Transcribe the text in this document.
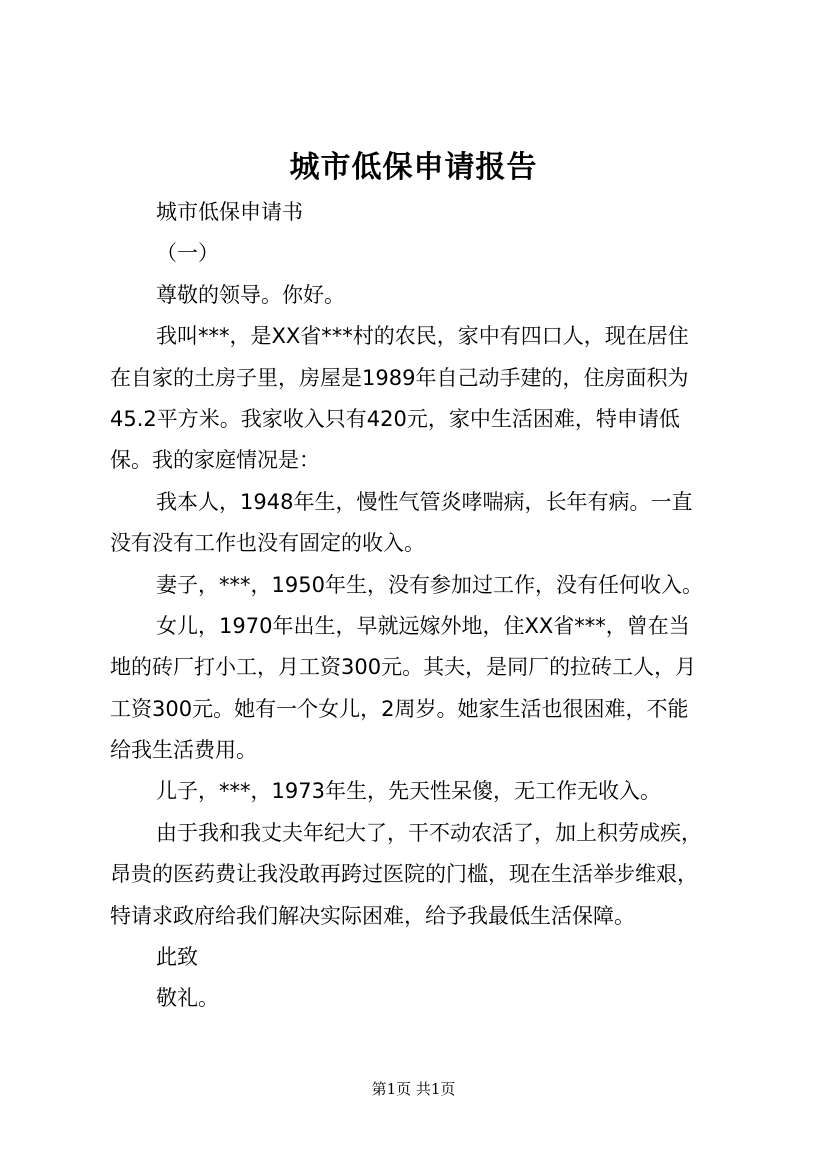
城市低保申请报告
城市低保申请书
（一）
尊敬的领导。你好。
我叫***，是XX省***村的农民，家中有四口人，现在居住
在自家的土房子里，房屋是1989年自己动手建的，住房面积为
45.2平方米。我家收入只有420元，家中生活困难，特申请低
保。我的家庭情况是：
我本人，1948年生，慢性气管炎哮喘病，长年有病。一直
没有没有工作也没有固定的收入。
妻子，***，1950年生，没有参加过工作，没有任何收入。
女儿，1970年出生，早就远嫁外地，住XX省***，曾在当
地的砖厂打小工，月工资300元。其夫，是同厂的拉砖工人，月
工资300元。她有一个女儿，2周岁。她家生活也很困难，不能
给我生活费用。
儿子，***，1973年生，先天性呆傻，无工作无收入。
由于我和我丈夫年纪大了，干不动农活了，加上积劳成疾，
昂贵的医药费让我没敢再跨过医院的门槛，现在生活举步维艰，
特请求政府给我们解决实际困难，给予我最低生活保障。
此致
敬礼。
第1页 共1页
